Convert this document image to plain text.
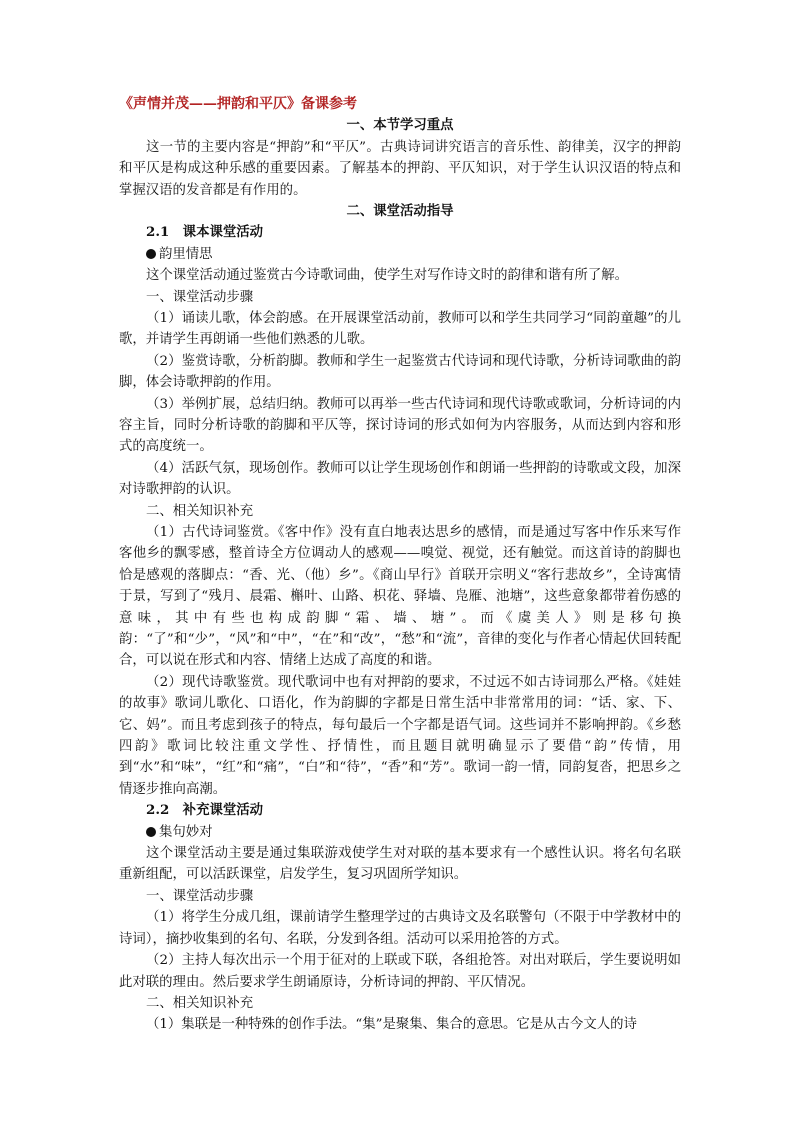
《声情并茂——押韵和平仄》备课参考
一、本节学习重点

这一节的主要内容是“押韵”和“平仄”。古典诗词讲究语言的音乐性、韵律美，汉字的押韵和平仄是构成这种乐感的重要因素。了解基本的押韵、平仄知识，对于学生认识汉语的特点和掌握汉语的发音都是有作用的。

二、课堂活动指导
2.1　课本课堂活动
韵里情思

这个课堂活动通过鉴赏古今诗歌词曲，使学生对写作诗文时的韵律和谐有所了解。

一、课堂活动步骤

（1）诵读儿歌，体会韵感。在开展课堂活动前，教师可以和学生共同学习“同韵童趣”的儿歌，并请学生再朗诵一些他们熟悉的儿歌。

（2）鉴赏诗歌，分析韵脚。教师和学生一起鉴赏古代诗词和现代诗歌，分析诗词歌曲的韵脚，体会诗歌押韵的作用。

（3）举例扩展，总结归纳。教师可以再举一些古代诗词和现代诗歌或歌词，分析诗词的内容主旨，同时分析诗歌的韵脚和平仄等，探讨诗词的形式如何为内容服务，从而达到内容和形式的高度统一。

（4）活跃气氛，现场创作。教师可以让学生现场创作和朗诵一些押韵的诗歌或文段，加深对诗歌押韵的认识。

二、相关知识补充

（1）古代诗词鉴赏。《客中作》没有直白地表达思乡的感情，而是通过写客中作乐来写作客他乡的飘零感，整首诗全方位调动人的感观——嗅觉、视觉，还有触觉。而这首诗的韵脚也恰是感观的落脚点：“香、光、（他）乡”。《商山早行》首联开宗明义“客行悲故乡”，全诗寓情于景，写到了“残月、晨霜、槲叶、山路、枳花、驿墙、凫雁、池塘”，这些意象都带着伤感的意味，其中有些也构成韵脚“霜、墙、塘”。而《虞美人》则是移句换韵：“了”和“少”，“风”和“中”，“在”和“改”，“愁”和“流”，音律的变化与作者心情起伏回转配合，可以说在形式和内容、情绪上达成了高度的和谐。

（2）现代诗歌鉴赏。现代歌词中也有对押韵的要求，不过远不如古诗词那么严格。《娃娃的故事》歌词儿歌化、口语化，作为韵脚的字都是日常生活中非常常用的词：“话、家、下、它、妈”。而且考虑到孩子的特点，每句最后一个字都是语气词。这些词并不影响押韵。《乡愁四韵》歌词比较注重文学性、抒情性，而且题目就明确显示了要借“韵”传情，用到“水”和“味”，“红”和“痛”，“白”和“待”，“香”和“芳”。歌词一韵一情，同韵复沓，把思乡之情逐步推向高潮。

2.2　补充课堂活动
集句妙对

这个课堂活动主要是通过集联游戏使学生对对联的基本要求有一个感性认识。将名句名联重新组配，可以活跃课堂，启发学生，复习巩固所学知识。

一、课堂活动步骤

（1）将学生分成几组，课前请学生整理学过的古典诗文及名联警句（不限于中学教材中的诗词），摘抄收集到的名句、名联，分发到各组。活动可以采用抢答的方式。

（2）主持人每次出示一个用于征对的上联或下联，各组抢答。对出对联后，学生要说明如此对联的理由。然后要求学生朗诵原诗，分析诗词的押韵、平仄情况。

二、相关知识补充

（1）集联是一种特殊的创作手法。“集”是聚集、集合的意思。它是从古今文人的诗
